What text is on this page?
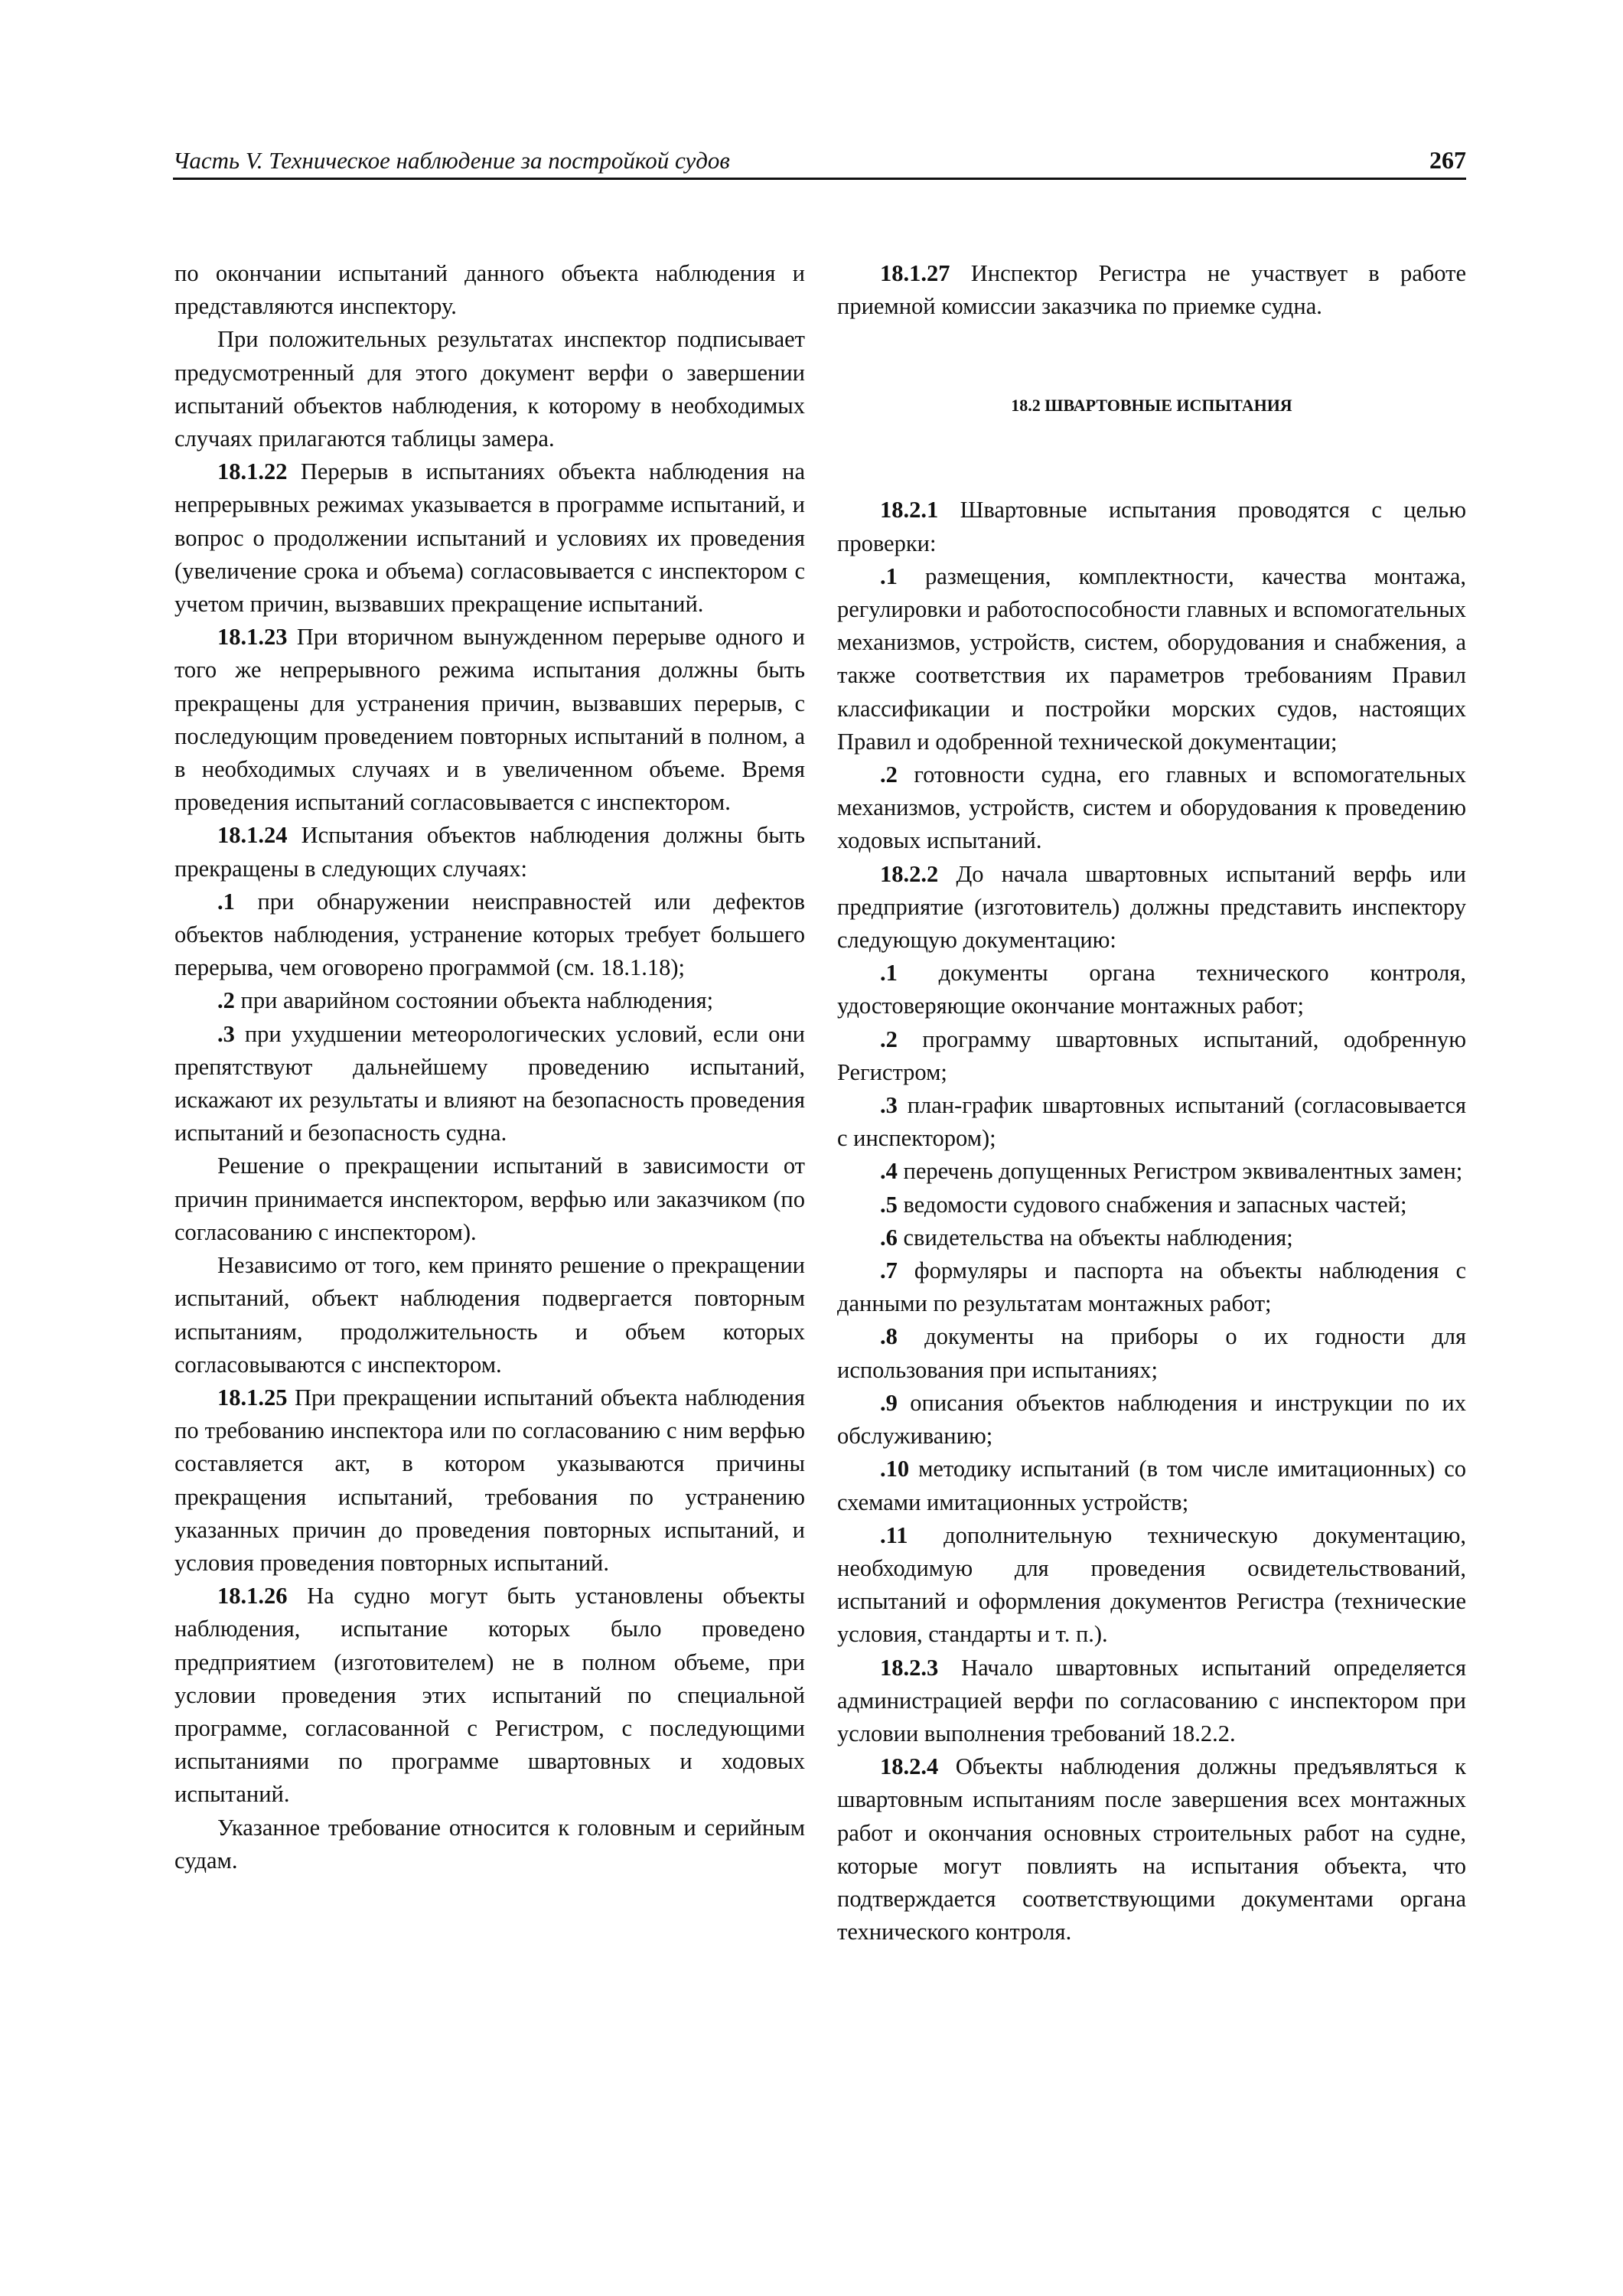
Часть V. Техническое наблюдение за постройкой судов	267

по окончании испытаний данного объекта наблюдения и представляются инспектору.

При положительных результатах инспектор подписывает предусмотренный для этого документ верфи о завершении испытаний объектов наблюдения, к которому в необходимых случаях прилагаются таблицы замера.

18.1.22 Перерыв в испытаниях объекта наблюдения на непрерывных режимах указывается в программе испытаний, и вопрос о продолжении испытаний и условиях их проведения (увеличение срока и объема) согласовывается с инспектором с учетом причин, вызвавших прекращение испытаний.

18.1.23 При вторичном вынужденном перерыве одного и того же непрерывного режима испытания должны быть прекращены для устранения причин, вызвавших перерыв, с последующим проведением повторных испытаний в полном, а в необходимых случаях и в увеличенном объеме. Время проведения испытаний согласовывается с инспектором.

18.1.24 Испытания объектов наблюдения должны быть прекращены в следующих случаях:

.1 при обнаружении неисправностей или дефектов объектов наблюдения, устранение которых требует большего перерыва, чем оговорено программой (см. 18.1.18);

.2 при аварийном состоянии объекта наблюдения;

.3 при ухудшении метеорологических условий, если они препятствуют дальнейшему проведению испытаний, искажают их результаты и влияют на безопасность проведения испытаний и безопасность судна.

Решение о прекращении испытаний в зависимости от причин принимается инспектором, верфью или заказчиком (по согласованию с инспектором).

Независимо от того, кем принято решение о прекращении испытаний, объект наблюдения подвергается повторным испытаниям, продолжительность и объем которых согласовываются с инспектором.

18.1.25 При прекращении испытаний объекта наблюдения по требованию инспектора или по согласованию с ним верфью составляется акт, в котором указываются причины прекращения испытаний, требования по устранению указанных причин до проведения повторных испытаний, и условия проведения повторных испытаний.

18.1.26 На судно могут быть установлены объекты наблюдения, испытание которых было проведено предприятием (изготовителем) не в полном объеме, при условии проведения этих испытаний по специальной программе, согласованной с Регистром, с последующими испытаниями по программе швартовных и ходовых испытаний.

Указанное требование относится к головным и серийным судам.

18.1.27 Инспектор Регистра не участвует в работе приемной комиссии заказчика по приемке судна.

18.2 ШВАРТОВНЫЕ ИСПЫТАНИЯ

18.2.1 Швартовные испытания проводятся с целью проверки:

.1 размещения, комплектности, качества монтажа, регулировки и работоспособности главных и вспомогательных механизмов, устройств, систем, оборудования и снабжения, а также соответствия их параметров требованиям Правил классификации и постройки морских судов, настоящих Правил и одобренной технической документации;

.2 готовности судна, его главных и вспомогательных механизмов, устройств, систем и оборудования к проведению ходовых испытаний.

18.2.2 До начала швартовных испытаний верфь или предприятие (изготовитель) должны представить инспектору следующую документацию:

.1 документы органа технического контроля, удостоверяющие окончание монтажных работ;

.2 программу швартовных испытаний, одобренную Регистром;

.3 план-график швартовных испытаний (согласовывается с инспектором);

.4 перечень допущенных Регистром эквивалентных замен;

.5 ведомости судового снабжения и запасных частей;

.6 свидетельства на объекты наблюдения;

.7 формуляры и паспорта на объекты наблюдения с данными по результатам монтажных работ;

.8 документы на приборы о их годности для использования при испытаниях;

.9 описания объектов наблюдения и инструкции по их обслуживанию;

.10 методику испытаний (в том числе имитационных) со схемами имитационных устройств;

.11 дополнительную техническую документацию, необходимую для проведения освидетельствований, испытаний и оформления документов Регистра (технические условия, стандарты и т. п.).

18.2.3 Начало швартовных испытаний определяется администрацией верфи по согласованию с инспектором при условии выполнения требований 18.2.2.

18.2.4 Объекты наблюдения должны предъявляться к швартовным испытаниям после завершения всех монтажных работ и окончания основных строительных работ на судне, которые могут повлиять на испытания объекта, что подтверждается соответствующими документами органа технического контроля.
